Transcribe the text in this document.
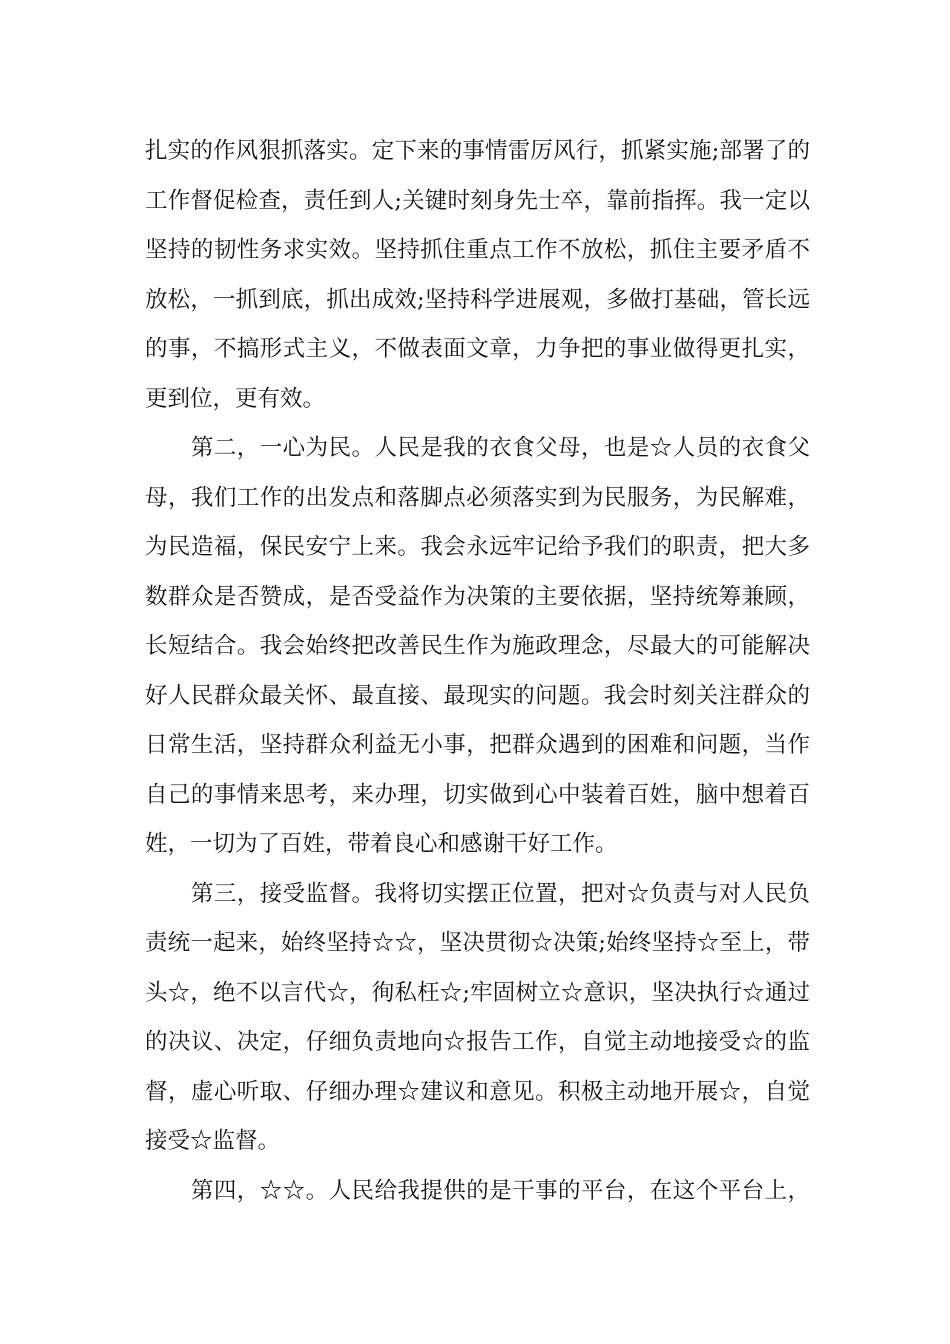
扎实的作风狠抓落实。定下来的事情雷厉风行，抓紧实施;部署了的
工作督促检查，责任到人;关键时刻身先士卒，靠前指挥。我一定以
坚持的韧性务求实效。坚持抓住重点工作不放松，抓住主要矛盾不
放松，一抓到底，抓出成效;坚持科学进展观，多做打基础，管长远
的事，不搞形式主义，不做表面文章，力争把的事业做得更扎实，
更到位，更有效。
　　第二，一心为民。人民是我的衣食父母，也是☆人员的衣食父
母，我们工作的出发点和落脚点必须落实到为民服务，为民解难，
为民造福，保民安宁上来。我会永远牢记给予我们的职责，把大多
数群众是否赞成，是否受益作为决策的主要依据，坚持统筹兼顾，
长短结合。我会始终把改善民生作为施政理念，尽最大的可能解决
好人民群众最关怀、最直接、最现实的问题。我会时刻关注群众的
日常生活，坚持群众利益无小事，把群众遇到的困难和问题，当作
自己的事情来思考，来办理，切实做到心中装着百姓，脑中想着百
姓，一切为了百姓，带着良心和感谢干好工作。
　　第三，接受监督。我将切实摆正位置，把对☆负责与对人民负
责统一起来，始终坚持☆☆，坚决贯彻☆决策;始终坚持☆至上，带
头☆，绝不以言代☆，徇私枉☆;牢固树立☆意识，坚决执行☆通过
的决议、决定，仔细负责地向☆报告工作，自觉主动地接受☆的监
督，虚心听取、仔细办理☆建议和意见。积极主动地开展☆，自觉
接受☆监督。
　　第四，☆☆。人民给我提供的是干事的平台，在这个平台上，
